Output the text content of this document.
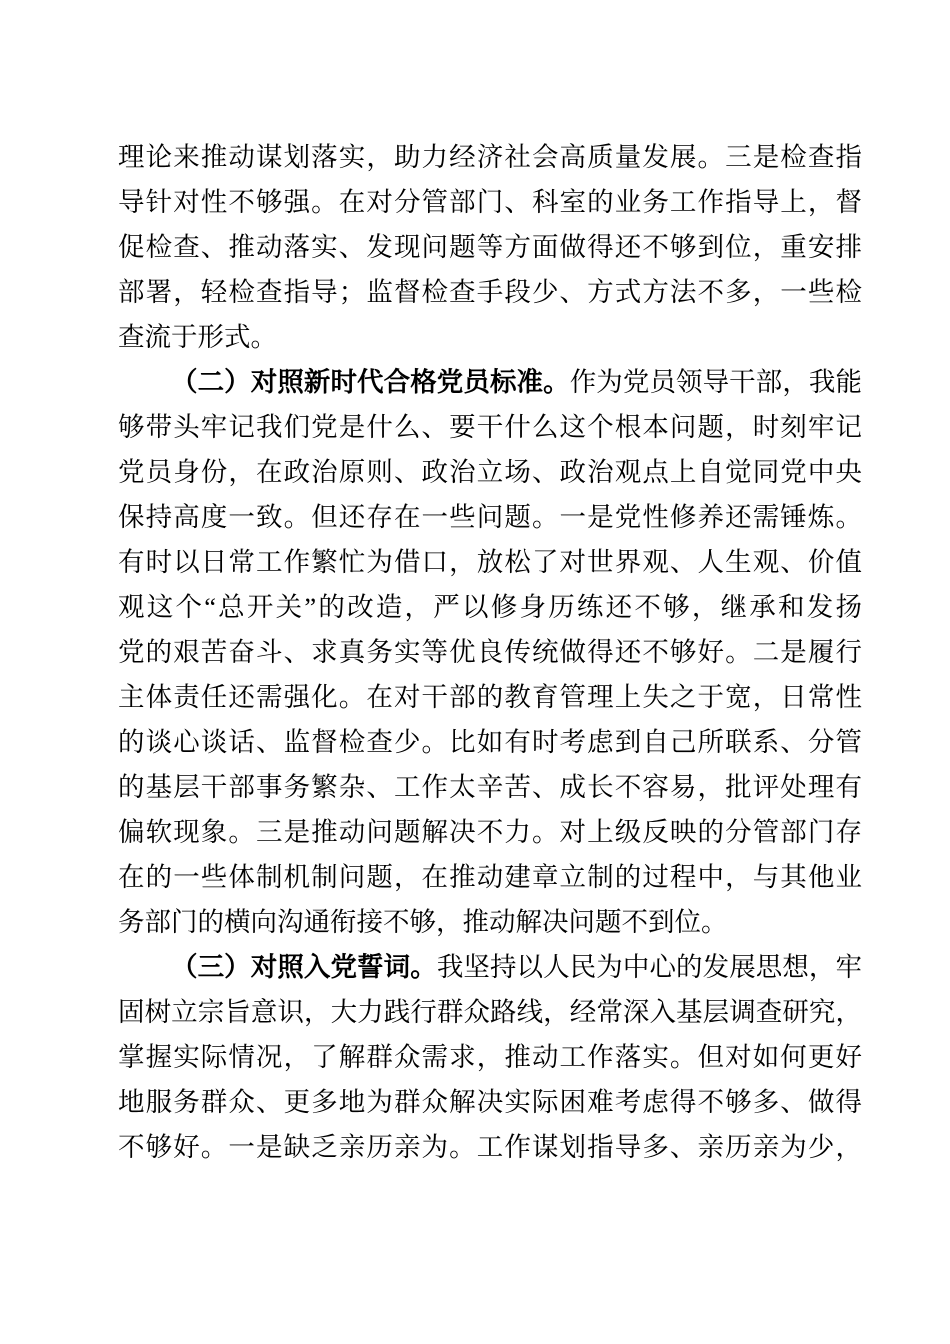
理论来推动谋划落实，助力经济社会高质量发展。三是检查指
导针对性不够强。在对分管部门、科室的业务工作指导上，督
促检查、推动落实、发现问题等方面做得还不够到位，重安排
部署，轻检查指导；监督检查手段少、方式方法不多，一些检
查流于形式。
（二）对照新时代合格党员标准。作为党员领导干部，我能
够带头牢记我们党是什么、要干什么这个根本问题，时刻牢记
党员身份，在政治原则、政治立场、政治观点上自觉同党中央
保持高度一致。但还存在一些问题。一是党性修养还需锤炼。
有时以日常工作繁忙为借口，放松了对世界观、人生观、价值
观这个“总开关”的改造，严以修身历练还不够，继承和发扬
党的艰苦奋斗、求真务实等优良传统做得还不够好。二是履行
主体责任还需强化。在对干部的教育管理上失之于宽，日常性
的谈心谈话、监督检查少。比如有时考虑到自己所联系、分管
的基层干部事务繁杂、工作太辛苦、成长不容易，批评处理有
偏软现象。三是推动问题解决不力。对上级反映的分管部门存
在的一些体制机制问题，在推动建章立制的过程中，与其他业
务部门的横向沟通衔接不够，推动解决问题不到位。
（三）对照入党誓词。我坚持以人民为中心的发展思想，牢
固树立宗旨意识，大力践行群众路线，经常深入基层调查研究，
掌握实际情况，了解群众需求，推动工作落实。但对如何更好
地服务群众、更多地为群众解决实际困难考虑得不够多、做得
不够好。一是缺乏亲历亲为。工作谋划指导多、亲历亲为少，
